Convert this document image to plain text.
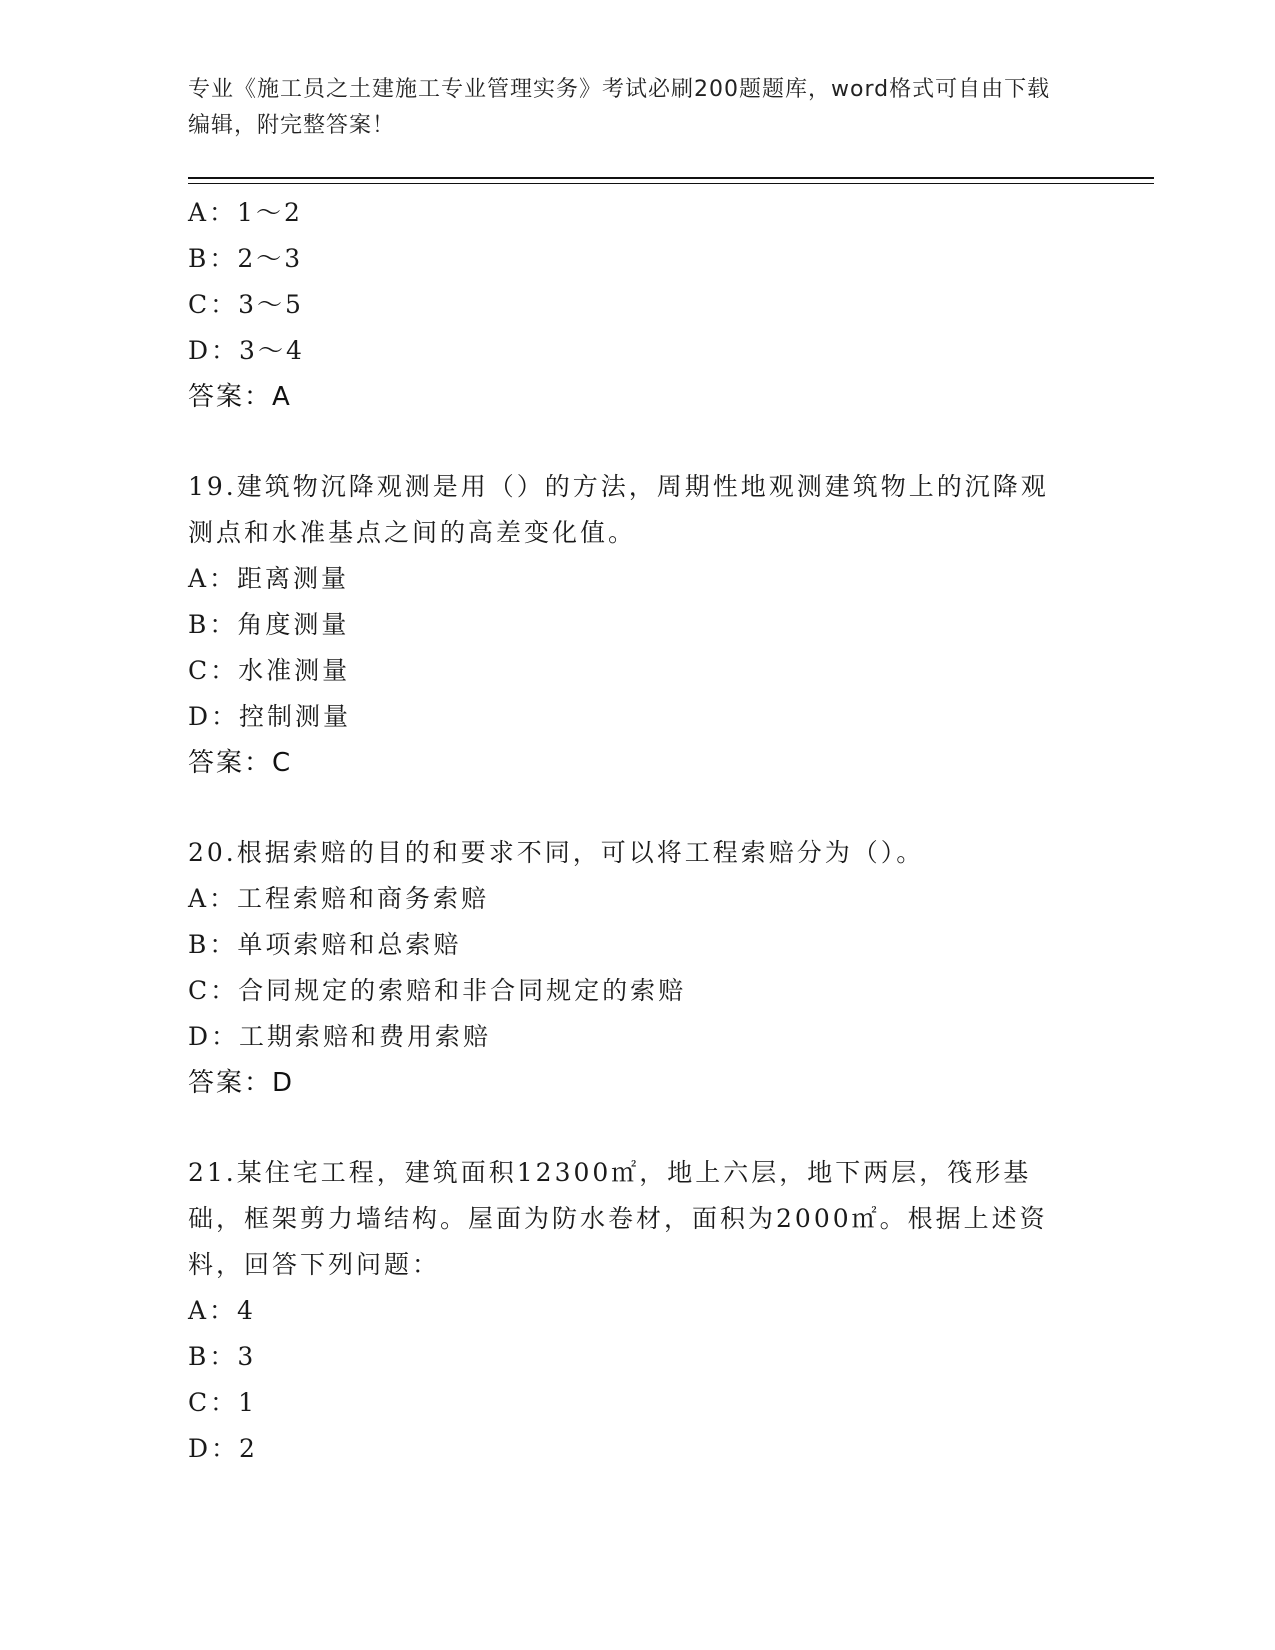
专业《施工员之土建施工专业管理实务》考试必刷200题题库，word格式可自由下载编辑，附完整答案！
A：1～2
B：2～3
C：3～5
D：3～4
答案：A
19.建筑物沉降观测是用（）的方法，周期性地观测建筑物上的沉降观测点和水准基点之间的高差变化值。
A：距离测量
B：角度测量
C：水准测量
D：控制测量
答案：C
20.根据索赔的目的和要求不同，可以将工程索赔分为（）。
A：工程索赔和商务索赔
B：单项索赔和总索赔
C：合同规定的索赔和非合同规定的索赔
D：工期索赔和费用索赔
答案：D
21.某住宅工程，建筑面积12300㎡，地上六层，地下两层，筏形基础，框架剪力墙结构。屋面为防水卷材，面积为2000㎡。根据上述资料，回答下列问题：
A：4
B：3
C：1
D：2
